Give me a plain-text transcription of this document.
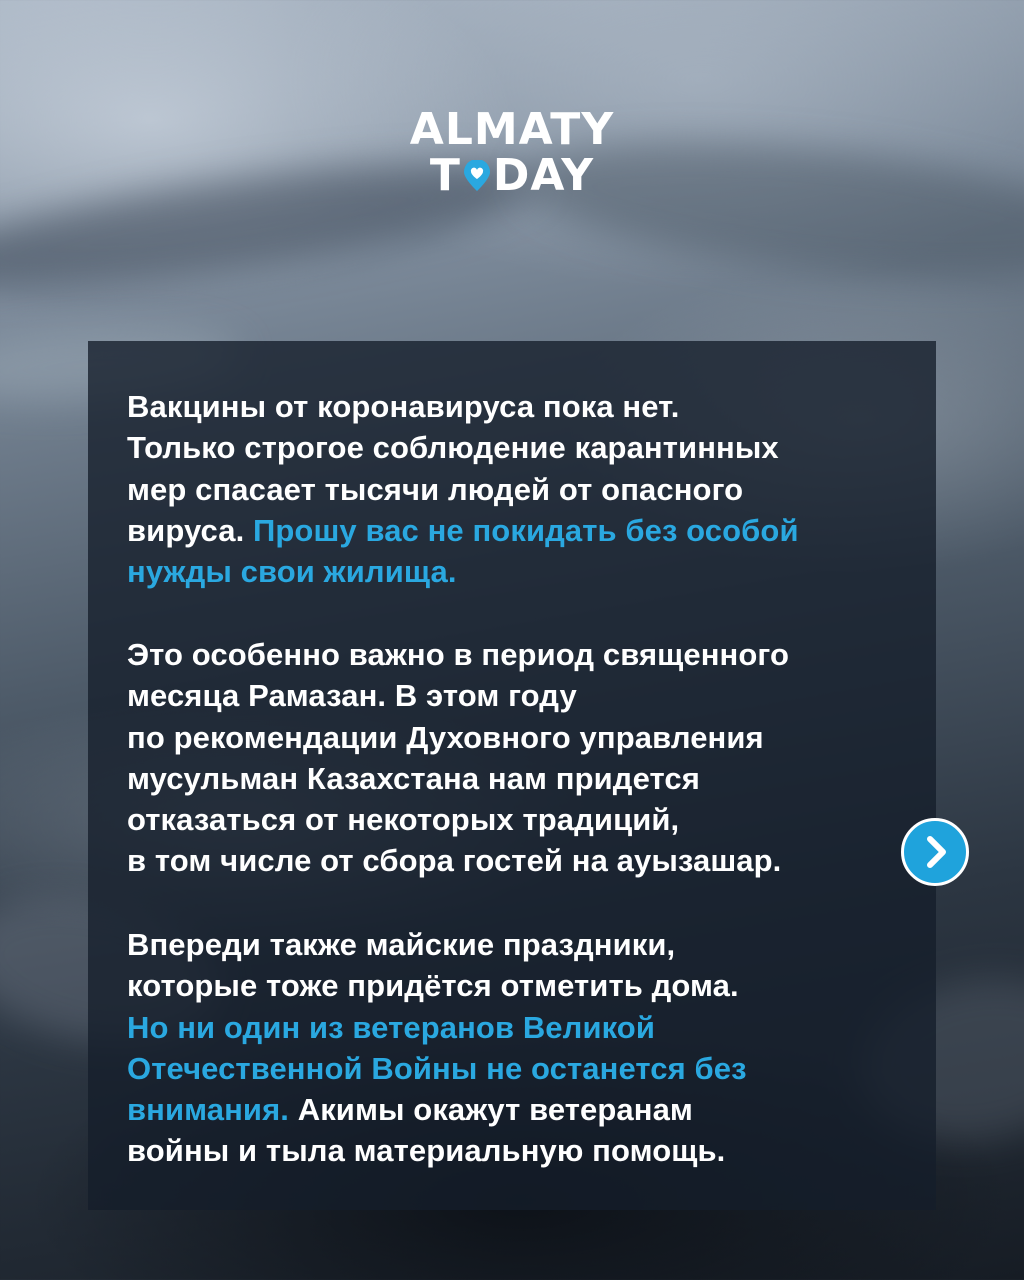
ALMATY
T DAY
Вакцины от коронавируса пока нет.
Только строгое соблюдение карантинных
мер спасает тысячи людей от опасного
вируса. Прошу вас не покидать без особой
нужды свои жилища.
Это особенно важно в период священного
месяца Рамазан. В этом году
по рекомендации Духовного управления
мусульман Казахстана нам придется
отказаться от некоторых традиций,
в том числе от сбора гостей на ауызашар.
Впереди также майские праздники,
которые тоже придётся отметить дома.
Но ни один из ветеранов Великой
Отечественной Войны не останется без
внимания. Акимы окажут ветеранам
войны и тыла материальную помощь.
